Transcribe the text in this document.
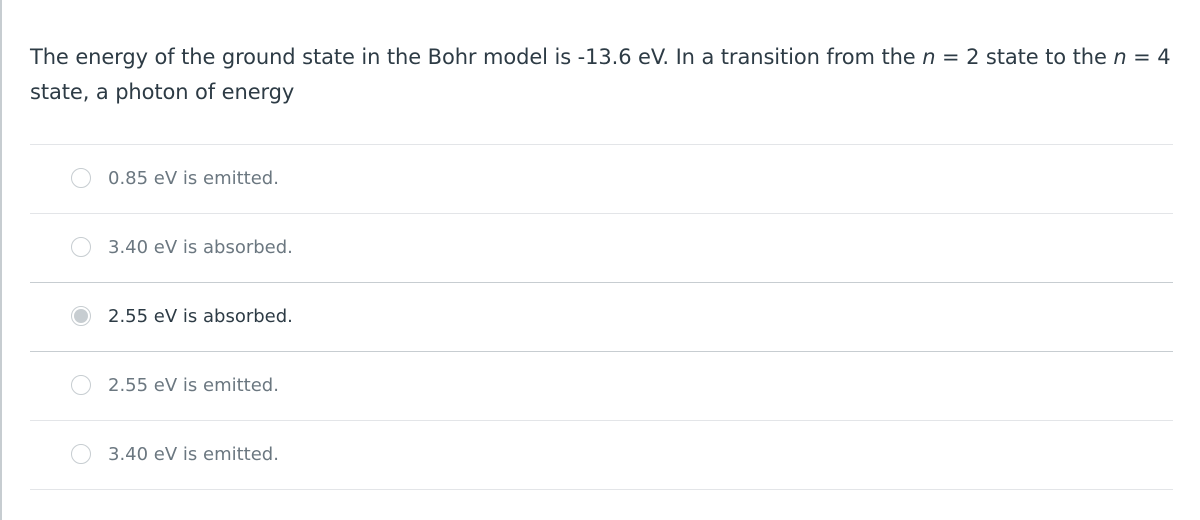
The energy of the ground state in the Bohr model is -13.6 eV. In a transition from the n = 2 state to the n = 4 state, a photon of energy
0.85 eV is emitted.
3.40 eV is absorbed.
2.55 eV is absorbed.
2.55 eV is emitted.
3.40 eV is emitted.
